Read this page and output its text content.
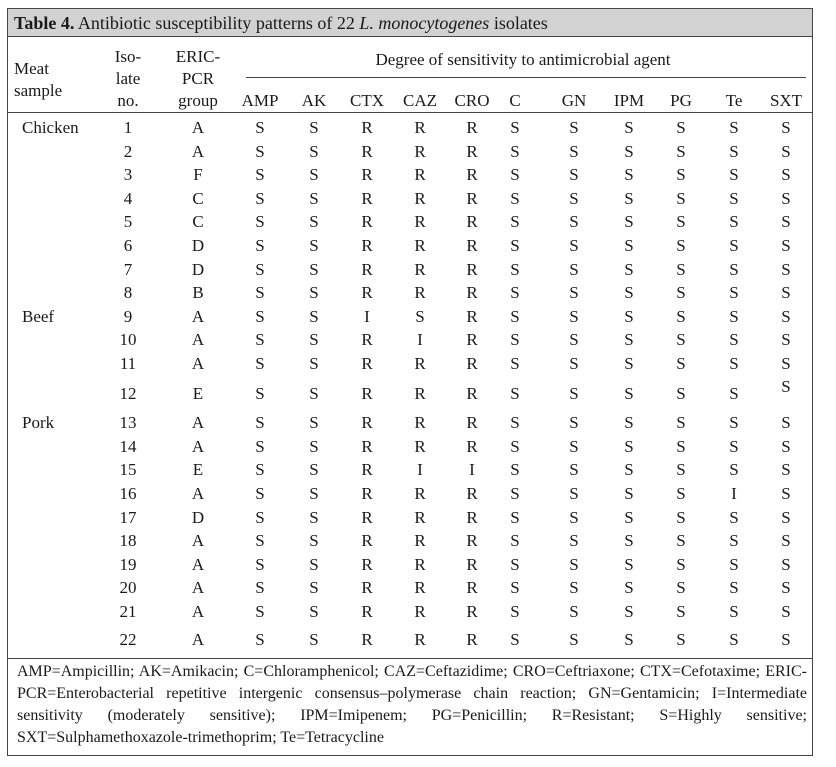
Table 4. Antibiotic susceptibility patterns of 22 L. monocytogenes isolates
Meat
sample
Iso-
late
no.
ERIC-
PCR
group
Degree of sensitivity to antimicrobial agent
AMP	AK	CTX	CAZ	CRO	C	GN	IPM	PG	Te	SXT
Chicken	1	A	S	S	R	R	R	S	S	S	S	S	S
2	A	S	S	R	R	R	S	S	S	S	S	S
3	F	S	S	R	R	R	S	S	S	S	S	S
4	C	S	S	R	R	R	S	S	S	S	S	S
5	C	S	S	R	R	R	S	S	S	S	S	S
6	D	S	S	R	R	R	S	S	S	S	S	S
7	D	S	S	R	R	R	S	S	S	S	S	S
8	B	S	S	R	R	R	S	S	S	S	S	S
Beef	9	A	S	S	I	S	R	S	S	S	S	S	S
10	A	S	S	R	I	R	S	S	S	S	S	S
11	A	S	S	R	R	R	S	S	S	S	S	S
12	E	S	S	R	R	R	S	S	S	S	S	S
Pork	13	A	S	S	R	R	R	S	S	S	S	S	S
14	A	S	S	R	R	R	S	S	S	S	S	S
15	E	S	S	R	I	I	S	S	S	S	S	S
16	A	S	S	R	R	R	S	S	S	S	I	S
17	D	S	S	R	R	R	S	S	S	S	S	S
18	A	S	S	R	R	R	S	S	S	S	S	S
19	A	S	S	R	R	R	S	S	S	S	S	S
20	A	S	S	R	R	R	S	S	S	S	S	S
21	A	S	S	R	R	R	S	S	S	S	S	S
22	A	S	S	R	R	R	S	S	S	S	S	S
AMP=Ampicillin; AK=Amikacin; C=Chloramphenicol; CAZ=Ceftazidime; CRO=Ceftriaxone; CTX=Cefotaxime; ERIC-PCR=Enterobacterial repetitive intergenic consensus–polymerase chain reaction; GN=Gentamicin; I=Intermediate sensitivity (moderately sensitive); IPM=Imipenem; PG=Penicillin; R=Resistant; S=Highly sensitive; SXT=Sulphamethoxazole-trimethoprim; Te=Tetracycline
